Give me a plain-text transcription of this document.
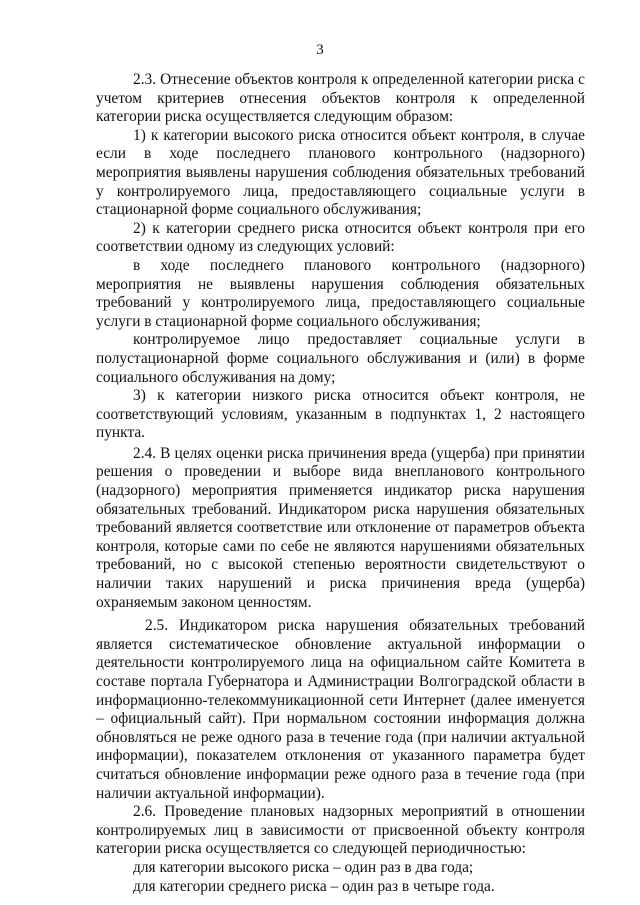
3

2.3. Отнесение объектов контроля к определенной категории риска с учетом критериев отнесения объектов контроля к определенной категории риска осуществляется следующим образом:

1) к категории высокого риска относится объект контроля, в случае если в ходе последнего планового контрольного (надзорного) мероприятия выявлены нарушения соблюдения обязательных требований у контролируемого лица, предоставляющего социальные услуги в стационарной форме социального обслуживания;

2) к категории среднего риска относится объект контроля при его соответствии одному из следующих условий:

в ходе последнего планового контрольного (надзорного) мероприятия не выявлены нарушения соблюдения обязательных требований у контролируемого лица, предоставляющего социальные услуги в стационарной форме социального обслуживания;

контролируемое лицо предоставляет социальные услуги в полустационарной форме социального обслуживания и (или) в форме социального обслуживания на дому;

3) к категории низкого риска относится объект контроля, не соответствующий условиям, указанным в подпунктах 1, 2 настоящего пункта.

2.4. В целях оценки риска причинения вреда (ущерба) при принятии решения о проведении и выборе вида внепланового контрольного (надзорного) мероприятия применяется индикатор риска нарушения обязательных требований. Индикатором риска нарушения обязательных требований является соответствие или отклонение от параметров объекта контроля, которые сами по себе не являются нарушениями обязательных требований, но с высокой степенью вероятности свидетельствуют о наличии таких нарушений и риска причинения вреда (ущерба) охраняемым законом ценностям.

2.5. Индикатором риска нарушения обязательных требований является систематическое обновление актуальной информации о деятельности контролируемого лица на официальном сайте Комитета в составе портала Губернатора и Администрации Волгоградской области в информационно-телекоммуникационной сети Интернет (далее именуется – официальный сайт). При нормальном состоянии информация должна обновляться не реже одного раза в течение года (при наличии актуальной информации), показателем отклонения от указанного параметра будет считаться обновление информации реже одного раза в течение года (при наличии актуальной информации).

2.6. Проведение плановых надзорных мероприятий в отношении контролируемых лиц в зависимости от присвоенной объекту контроля категории риска осуществляется со следующей периодичностью:

для категории высокого риска – один раз в два года;

для категории среднего риска – один раз в четыре года.
